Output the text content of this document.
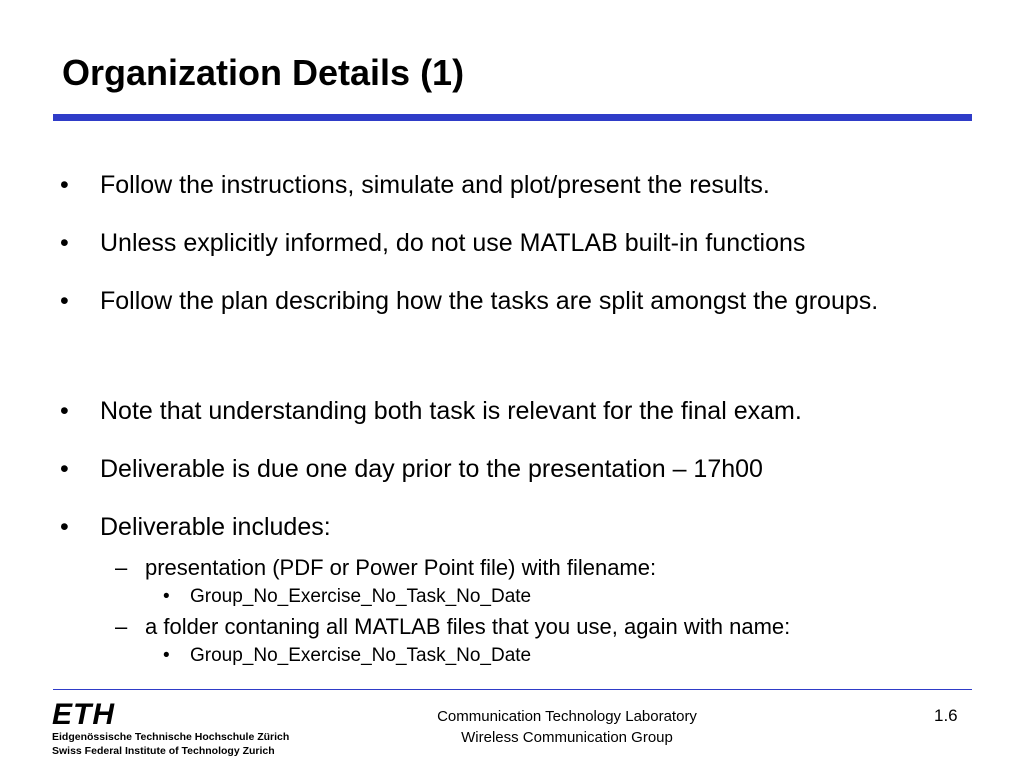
Organization Details (1)
• Follow the instructions, simulate and plot/present the results.
• Unless explicitly informed, do not use MATLAB built-in functions
• Follow the plan describing how the tasks are split amongst the groups.
• Note that understanding both task is relevant for the final exam.
• Deliverable is due one day prior to the presentation – 17h00
• Deliverable includes:
– presentation (PDF or Power Point file) with filename:
• Group_No_Exercise_No_Task_No_Date
– a folder contaning all MATLAB files that you use, again with name:
• Group_No_Exercise_No_Task_No_Date
ETH
Eidgenössische Technische Hochschule Zürich
Swiss Federal Institute of Technology Zurich
Communication Technology Laboratory
Wireless Communication Group
1.6
